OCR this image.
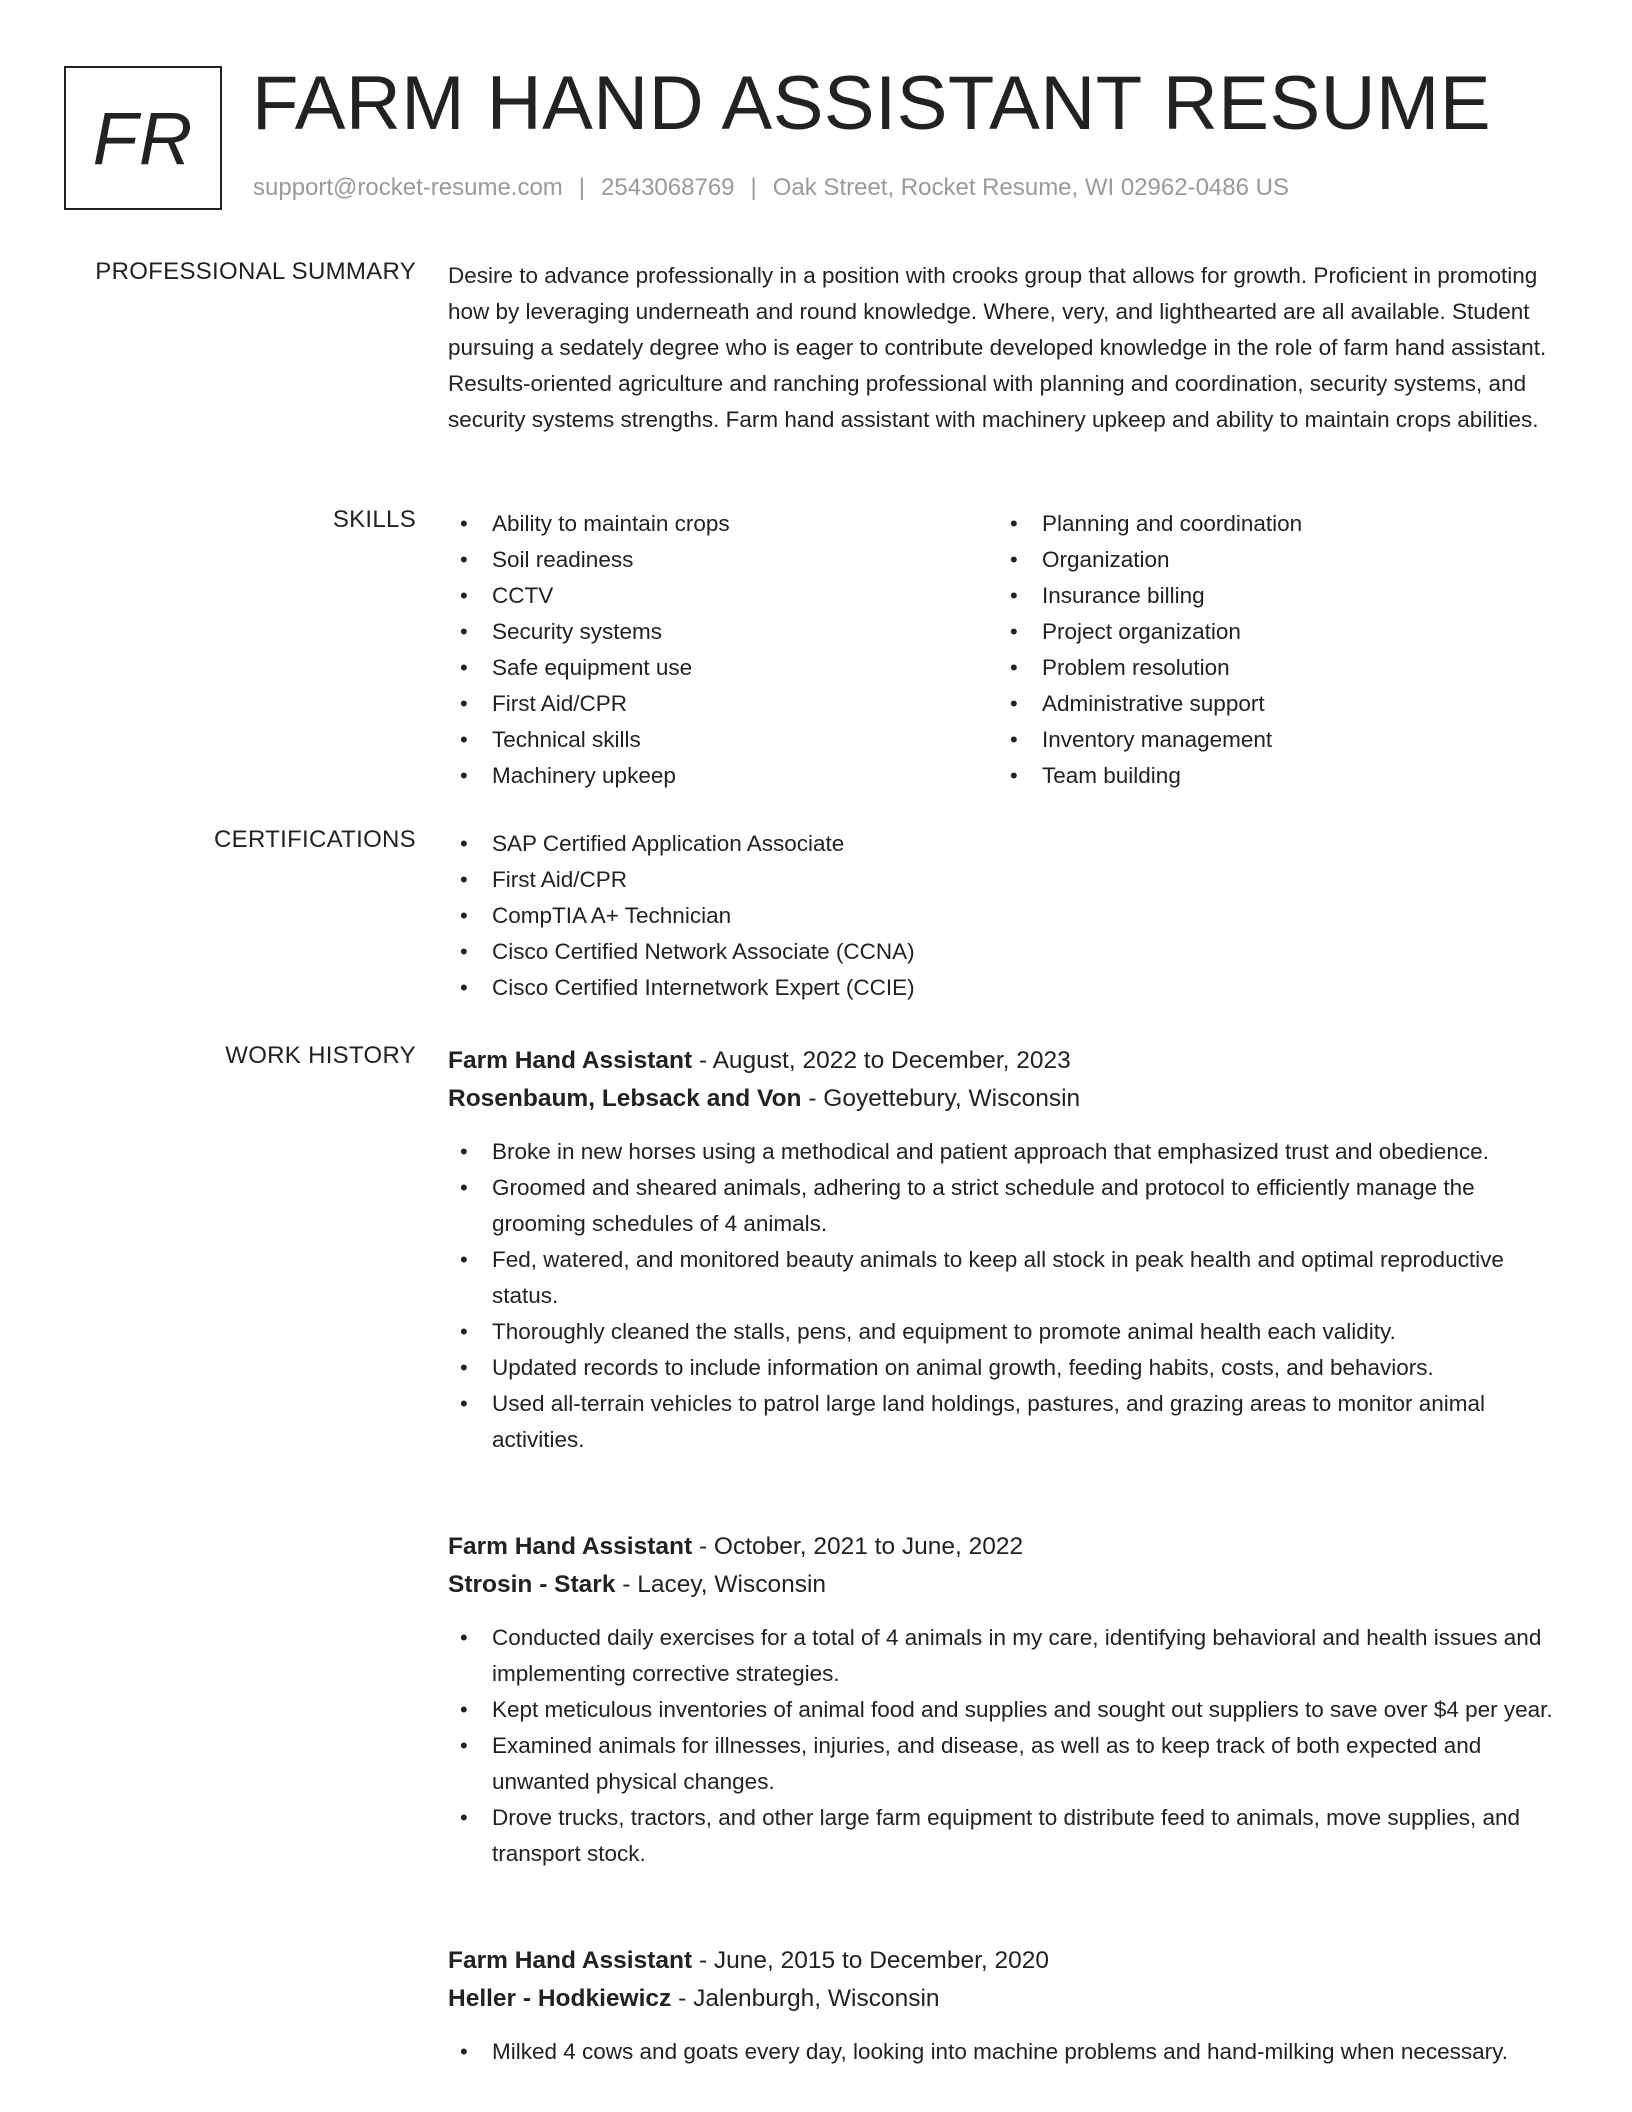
FR FARM HAND ASSISTANT RESUME
support@rocket-resume.com | 2543068769 | Oak Street, Rocket Resume, WI 02962-0486 US
PROFESSIONAL SUMMARY Desire to advance professionally in a position with crooks group that allows for growth. Proficient in promoting how by leveraging underneath and round knowledge. Where, very, and lighthearted are all available. Student pursuing a sedately degree who is eager to contribute developed knowledge in the role of farm hand assistant. Results-oriented agriculture and ranching professional with planning and coordination, security systems, and security systems strengths. Farm hand assistant with machinery upkeep and ability to maintain crops abilities.
SKILLS	• Ability to maintain crops
• Soil readiness
• CCTV
• Security systems
• Safe equipment use
• First Aid/CPR
• Technical skills
• Machinery upkeep
• Planning and coordination
• Organization
• Insurance billing
• Project organization
• Problem resolution
• Administrative support
• Inventory management
• Team building
CERTIFICATIONS	• SAP Certified Application Associate
• First Aid/CPR
• CompTIA A+ Technician
• Cisco Certified Network Associate (CCNA)
• Cisco Certified Internetwork Expert (CCIE)
WORK HISTORY Farm Hand Assistant - August, 2022 to December, 2023
Rosenbaum, Lebsack and Von - Goyettebury, Wisconsin
• Broke in new horses using a methodical and patient approach that emphasized trust and obedience.
• Groomed and sheared animals, adhering to a strict schedule and protocol to efficiently manage the grooming schedules of 4 animals.
• Fed, watered, and monitored beauty animals to keep all stock in peak health and optimal reproductive status.
• Thoroughly cleaned the stalls, pens, and equipment to promote animal health each validity.
• Updated records to include information on animal growth, feeding habits, costs, and behaviors.
• Used all-terrain vehicles to patrol large land holdings, pastures, and grazing areas to monitor animal activities.
Farm Hand Assistant - October, 2021 to June, 2022
Strosin - Stark - Lacey, Wisconsin
• Conducted daily exercises for a total of 4 animals in my care, identifying behavioral and health issues and implementing corrective strategies.
• Kept meticulous inventories of animal food and supplies and sought out suppliers to save over $4 per year.
• Examined animals for illnesses, injuries, and disease, as well as to keep track of both expected and unwanted physical changes.
• Drove trucks, tractors, and other large farm equipment to distribute feed to animals, move supplies, and transport stock.
Farm Hand Assistant - June, 2015 to December, 2020
Heller - Hodkiewicz - Jalenburgh, Wisconsin
• Milked 4 cows and goats every day, looking into machine problems and hand-milking when necessary.
